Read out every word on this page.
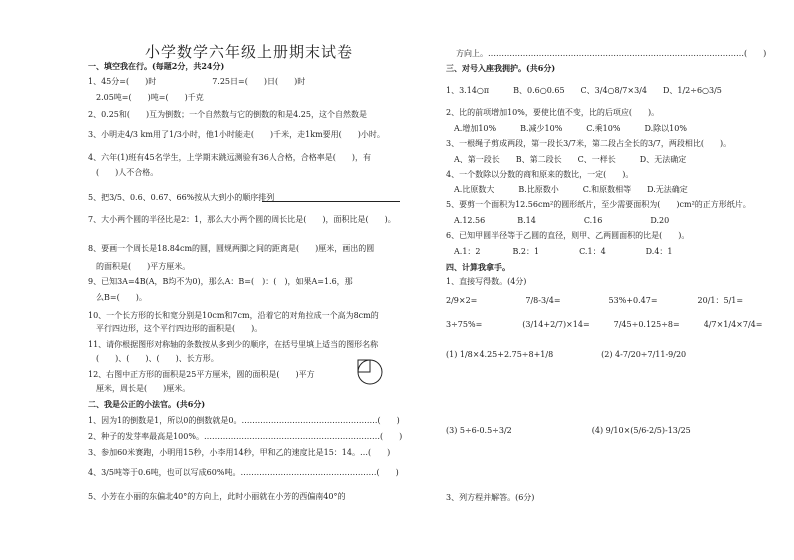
小学数学六年级上册期末试卷
一、填空我在行。(每题2分，共24分)
1、45分=(　　)时　　　　　　　7.25日=(　　)日(　　)时
　2.05吨=(　　)吨=(　　)千克
2、0.25和(　　)互为倒数；一个自然数与它的倒数的和是4.25，这个自然数是
3、小明走4/3 km用了1/3小时，他1小时能走(　　)千米，走1km要用(　　)小时。
4、六年(1)班有45名学生，上学期末跳远测验有36人合格，合格率是(　　)，有
　(　　)人不合格。
5、把3/5、0.6、0.67、66%按从大到小的顺序排列
7、大小两个圆的半径比是2：1，那么大小两个圆的周长比是(　　)，面积比是(　　)。
8、要画一个周长是18.84cm的圆，圆规两脚之间的距离是(　　)厘米，画出的圆
　的面积是(　　)平方厘米。
9、已知3A=4B(A，B均不为0)，那么A：B=(　)：(　)，如果A=1.6，那
　么B=(　　)。
10、一个长方形的长和宽分别是10cm和7cm，沿着它的对角拉成一个高为8cm的
　平行四边形，这个平行四边形的面积是(　　)。
11、请你根据图形对称轴的条数按从多到少的顺序，在括号里填上适当的图形名称
　(　　)、(　　)、(　　)、长方形。
12、右图中正方形的面积是25平方厘米，圆的面积是(　　)平方
　厘米，周长是(　　)厘米。
二、我是公正的小法官。(共6分)
1、因为1的倒数是1，所以0的倒数就是0。……………………………………………(　　)
2、种子的发芽率最高是100%。…………………………………………………………(　　)
3、参加60米赛跑，小明用15秒，小李用14秒，甲和乙的速度比是15：14。…(　　)
4、3/5吨等于0.6吨，也可以写成60%吨。……………………………………………(　　)
5、小芳在小丽的东偏北40°的方向上，此时小丽就在小芳的西偏南40°的
方向上。……………………………………………………………………………………(　　)
三、对号入座我拥护。(共6分)
1、3.14○π　　　B、0.6○0.65　　C、3/4○8/7×3/4　　D、1/2÷6○3/5
2、比的前项增加10%，要使比值不变，比的后项应(　　)。
　A.增加10%　　　B.减少10%　　　C.乘10%　　　D.除以10%
3、一根绳子剪成两段，第一段长3/7米，第二段占全长的3/7，两段相比(　　)。
　A、第一段长　　B、第二段长　　C、一样长　　　D、无法确定
4、一个数除以分数的商和原来的数比，一定(　　)。
　A.比原数大　　　B.比原数小　　　C.和原数相等　　D.无法确定
5、要剪一个面积为12.56cm²的圆形纸片，至少需要面积为(　　)cm²的正方形纸片。
　A.12.56　　　　B.14　　　　　　C.16　　　　　　D.20
6、已知甲圆半径等于乙圆的直径，则甲、乙两圆面积的比是(　　)。
　A.1：2　　　　B.2：1　　　　　C.1：4　　　　　D.4：1
四、计算我拿手。
1、直接写得数。(4分)
2/9×2=　　　　　　7/8-3/4=　　　　　　53%+0.47=　　　　　20/1：5/1=
3÷75%=　　　　　(3/14+2/7)×14=　　　7/45÷0.125÷8=　　　4/7×1/4×7/4=
(1) 1/8×4.25+2.75÷8+1/8　　　　　　(2) 4-7/20÷7/11-9/20
(3) 5÷6-0.5÷3/2　　　　　　　　　　(4) 9/10×(5/6-2/5)-13/25
3、列方程并解答。(6分)
